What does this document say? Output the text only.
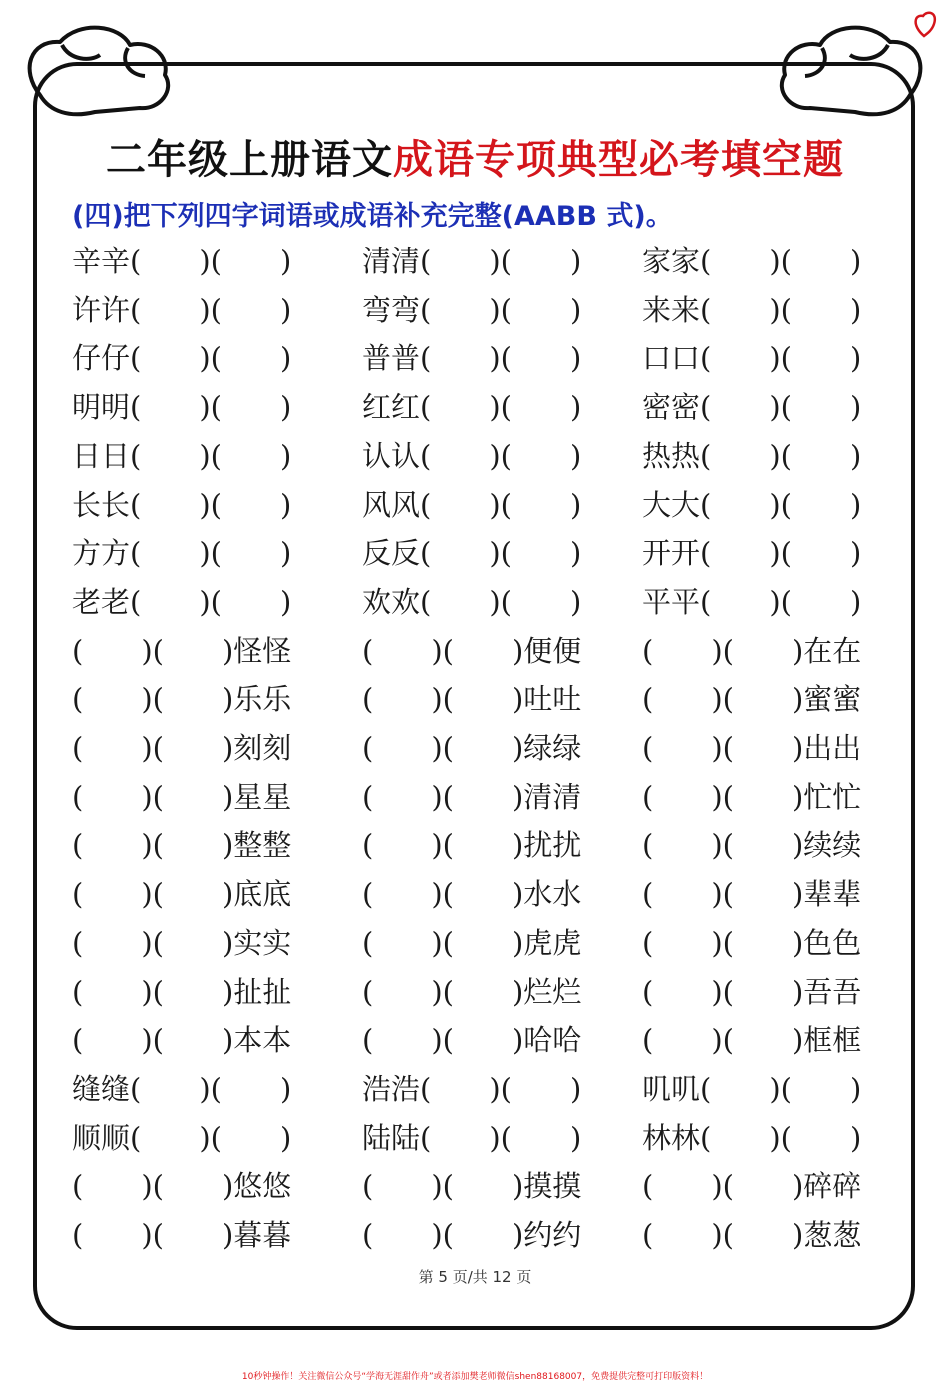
二年级上册语文成语专项典型必考填空题
(四)把下列四字词语或成语补充完整(AABB 式)。
辛辛(　　)(　　) 清清(　　)(　　) 家家(　　)(　　)
许许(　　)(　　) 弯弯(　　)(　　) 来来(　　)(　　)
仔仔(　　)(　　) 普普(　　)(　　) 口口(　　)(　　)
明明(　　)(　　) 红红(　　)(　　) 密密(　　)(　　)
日日(　　)(　　) 认认(　　)(　　) 热热(　　)(　　)
长长(　　)(　　) 风风(　　)(　　) 大大(　　)(　　)
方方(　　)(　　) 反反(　　)(　　) 开开(　　)(　　)
老老(　　)(　　) 欢欢(　　)(　　) 平平(　　)(　　)
(　　)(　　)怪怪 (　　)(　　)便便 (　　)(　　)在在
(　　)(　　)乐乐 (　　)(　　)吐吐 (　　)(　　)蜜蜜
(　　)(　　)刻刻 (　　)(　　)绿绿 (　　)(　　)出出
(　　)(　　)星星 (　　)(　　)清清 (　　)(　　)忙忙
(　　)(　　)整整 (　　)(　　)扰扰 (　　)(　　)续续
(　　)(　　)底底 (　　)(　　)水水 (　　)(　　)辈辈
(　　)(　　)实实 (　　)(　　)虎虎 (　　)(　　)色色
(　　)(　　)扯扯 (　　)(　　)烂烂 (　　)(　　)吾吾
(　　)(　　)本本 (　　)(　　)哈哈 (　　)(　　)框框
缝缝(　　)(　　) 浩浩(　　)(　　) 叽叽(　　)(　　)
顺顺(　　)(　　) 陆陆(　　)(　　) 林林(　　)(　　)
(　　)(　　)悠悠 (　　)(　　)摸摸 (　　)(　　)碎碎
(　　)(　　)暮暮 (　　)(　　)约约 (　　)(　　)葱葱
第 5 页/共 12 页
10秒钟操作！关注微信公众号“学海无涯甜作舟”或者添加樊老师微信shen88168007，免费提供完整可打印版资料！
